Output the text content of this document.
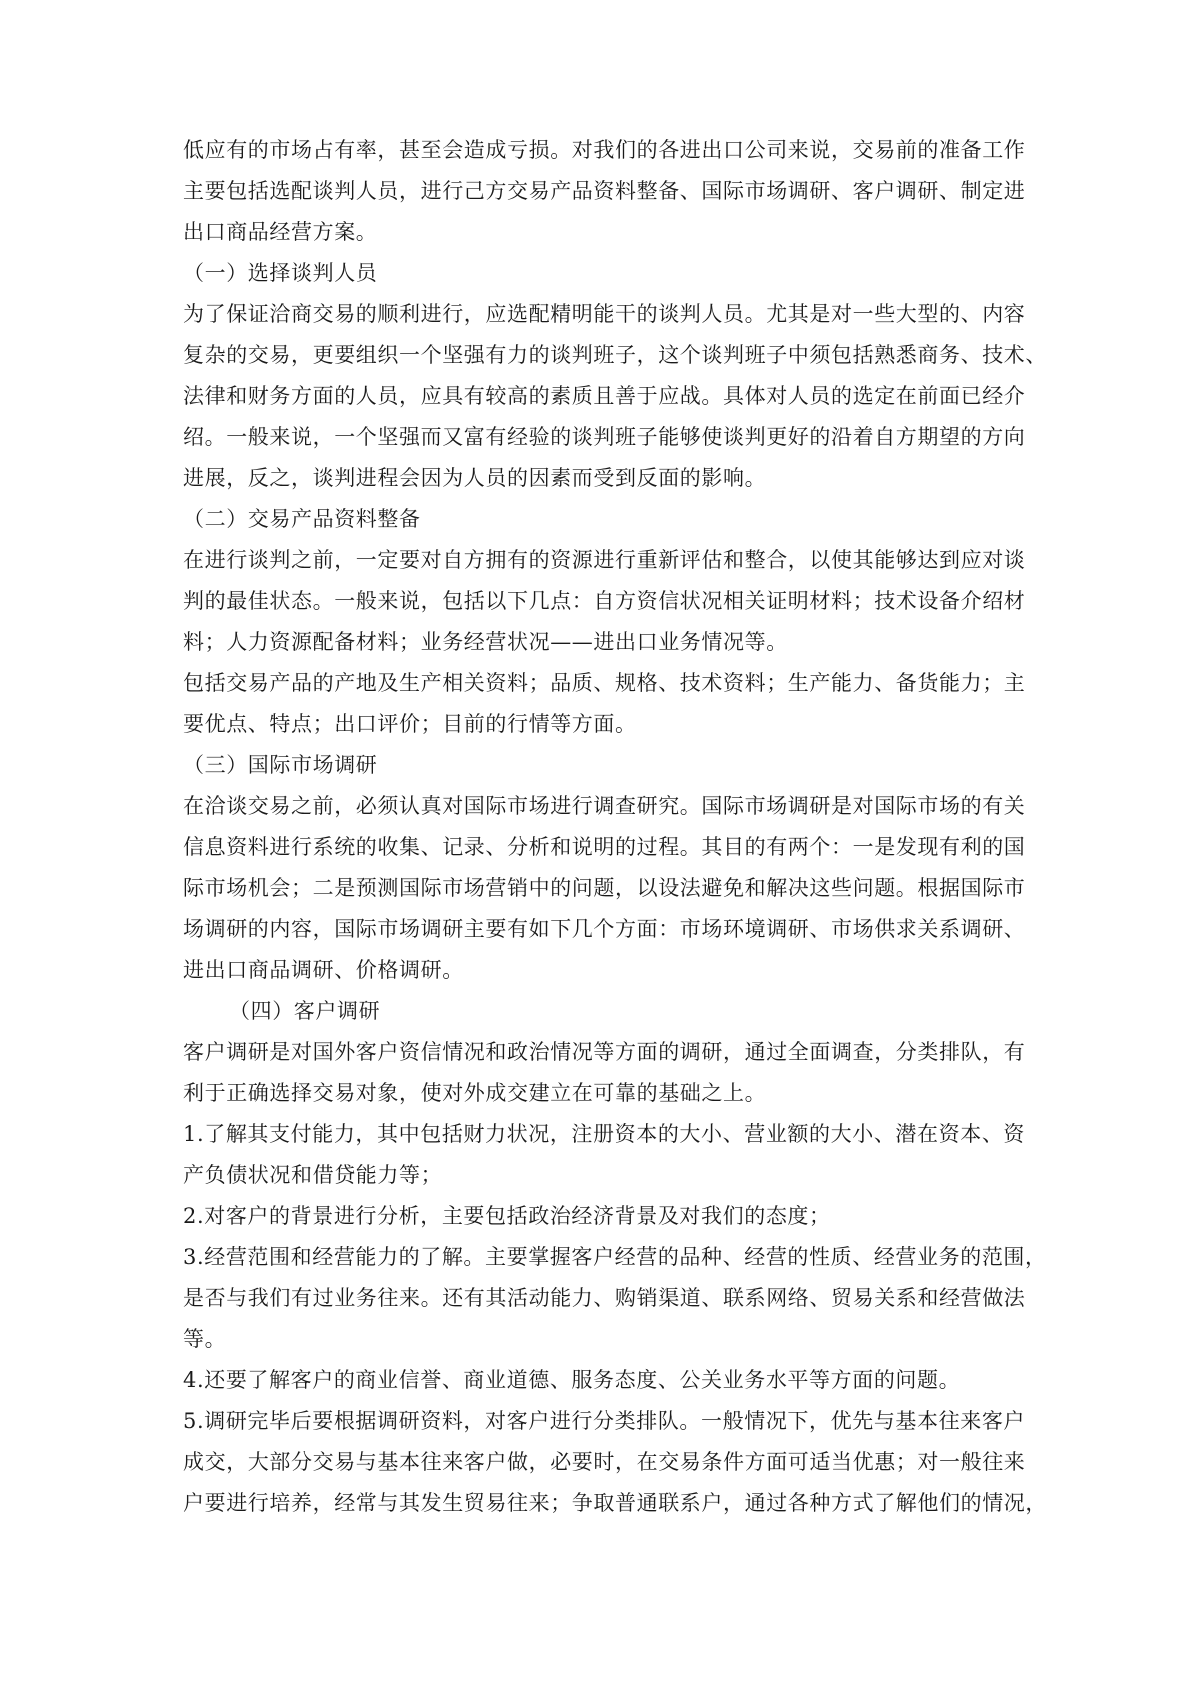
低应有的市场占有率，甚至会造成亏损。对我们的各进出口公司来说，交易前的准备工作

主要包括选配谈判人员，进行己方交易产品资料整备、国际市场调研、客户调研、制定进

出口商品经营方案。

（一）选择谈判人员

为了保证洽商交易的顺利进行，应选配精明能干的谈判人员。尤其是对一些大型的、内容

复杂的交易，更要组织一个坚强有力的谈判班子，这个谈判班子中须包括熟悉商务、技术、

法律和财务方面的人员，应具有较高的素质且善于应战。具体对人员的选定在前面已经介

绍。一般来说，一个坚强而又富有经验的谈判班子能够使谈判更好的沿着自方期望的方向

进展，反之，谈判进程会因为人员的因素而受到反面的影响。

（二）交易产品资料整备

在进行谈判之前，一定要对自方拥有的资源进行重新评估和整合，以使其能够达到应对谈

判的最佳状态。一般来说，包括以下几点：自方资信状况相关证明材料；技术设备介绍材

料；人力资源配备材料；业务经营状况——进出口业务情况等。

包括交易产品的产地及生产相关资料；品质、规格、技术资料；生产能力、备货能力；主

要优点、特点；出口评价；目前的行情等方面。

（三）国际市场调研

在洽谈交易之前，必须认真对国际市场进行调查研究。国际市场调研是对国际市场的有关

信息资料进行系统的收集、记录、分析和说明的过程。其目的有两个：一是发现有利的国

际市场机会；二是预测国际市场营销中的问题，以设法避免和解决这些问题。根据国际市

场调研的内容，国际市场调研主要有如下几个方面：市场环境调研、市场供求关系调研、

进出口商品调研、价格调研。

（四）客户调研

客户调研是对国外客户资信情况和政治情况等方面的调研，通过全面调查，分类排队，有

利于正确选择交易对象，使对外成交建立在可靠的基础之上。

1.了解其支付能力，其中包括财力状况，注册资本的大小、营业额的大小、潜在资本、资

产负债状况和借贷能力等；

2.对客户的背景进行分析，主要包括政治经济背景及对我们的态度；

3.经营范围和经营能力的了解。主要掌握客户经营的品种、经营的性质、经营业务的范围，

是否与我们有过业务往来。还有其活动能力、购销渠道、联系网络、贸易关系和经营做法

等。

4.还要了解客户的商业信誉、商业道德、服务态度、公关业务水平等方面的问题。

5.调研完毕后要根据调研资料，对客户进行分类排队。一般情况下，优先与基本往来客户

成交，大部分交易与基本往来客户做，必要时，在交易条件方面可适当优惠；对一般往来

户要进行培养，经常与其发生贸易往来；争取普通联系户，通过各种方式了解他们的情况，
